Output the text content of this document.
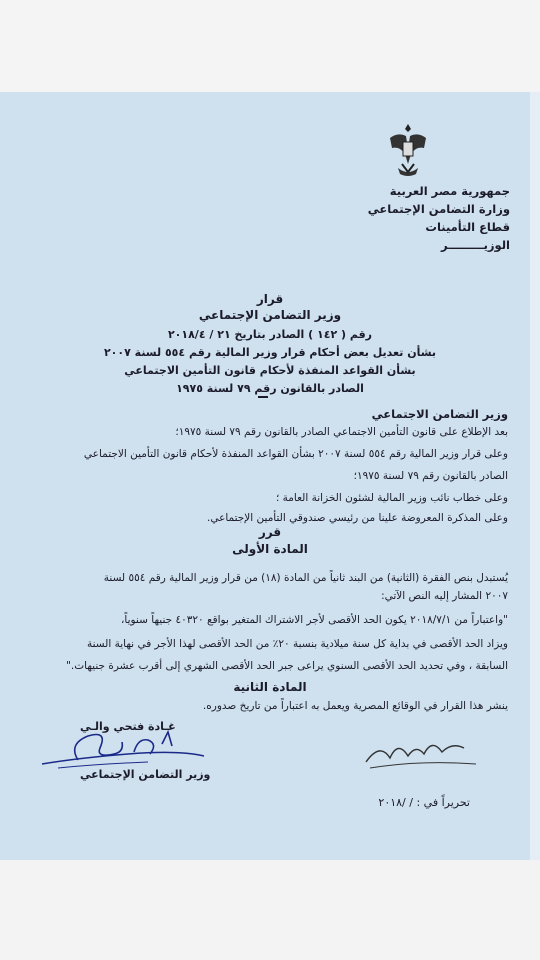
جمهورية مصر العربية
وزارة التضامن الإجتماعي
قطاع التأمينات
الوزيـــــــــر
قرار
وزير التضامن الإجتماعي
رقم ( ١٤٢ ) الصادر بتاريخ ٢١ / ٢٠١٨/٤
بشأن تعديل بعض أحكام قرار وزير المالية رقم ٥٥٤ لسنة ٢٠٠٧
بشأن القواعد المنفذة لأحكام قانون التأمين الاجتماعي
الصادر بالقانون رقم ٧٩ لسنة ١٩٧٥
وزير التضامن الاجتماعي
بعد الإطلاع على قانون التأمين الاجتماعي الصادر بالقانون رقم ٧٩ لسنة ١٩٧٥؛
وعلى قرار وزير المالية رقم ٥٥٤ لسنة ٢٠٠٧ بشأن القواعد المنفذة لأحكام قانون التأمين الاجتماعي
الصادر بالقانون رقم ٧٩ لسنة ١٩٧٥؛
وعلى خطاب نائب وزير المالية لشئون الخزانة العامة ؛
وعلى المذكرة المعروضة علينا من رئيسي صندوقي التأمين الإجتماعي.
قرر
المادة الأولى
يُستبدل بنص الفقرة (الثانية) من البند ثانياً من المادة (١٨) من قرار وزير المالية رقم ٥٥٤ لسنة
٢٠٠٧ المشار إليه النص الآتي:
"واعتباراً من ٢٠١٨/٧/١ يكون الحد الأقصى لأجر الاشتراك المتغير بواقع ٤٠٣٢٠ جنيهاً سنوياً،
ويزاد الحد الأقصى في بداية كل سنة ميلادية بنسبة ٢٠٪ من الحد الأقصى لهذا الأجر في نهاية السنة
السابقة ، وفي تحديد الحد الأقصى السنوي يراعى جبر الحد الأقصى الشهري إلى أقرب عشرة جنيهات."
المادة الثانية
ينشر هذا القرار في الوقائع المصرية ويعمل به اعتباراً من تاريخ صدوره.
غـادة فتحي والـي
وزير التضامن الإجتماعي
تحريراً في : / /٢٠١٨
